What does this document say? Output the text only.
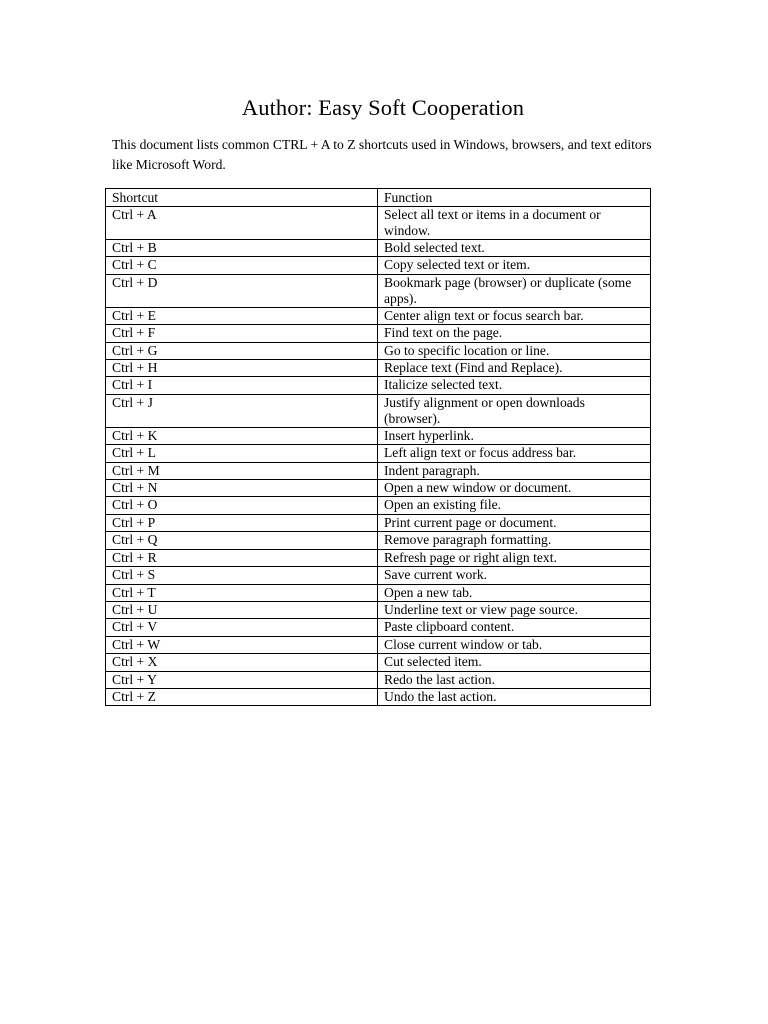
Author: Easy Soft Cooperation

This document lists common CTRL + A to Z shortcuts used in Windows, browsers, and text editors like Microsoft Word.

Shortcut	Function
Ctrl + A	Select all text or items in a document or window.
Ctrl + B	Bold selected text.
Ctrl + C	Copy selected text or item.
Ctrl + D	Bookmark page (browser) or duplicate (some apps).
Ctrl + E	Center align text or focus search bar.
Ctrl + F	Find text on the page.
Ctrl + G	Go to specific location or line.
Ctrl + H	Replace text (Find and Replace).
Ctrl + I	Italicize selected text.
Ctrl + J	Justify alignment or open downloads (browser).
Ctrl + K	Insert hyperlink.
Ctrl + L	Left align text or focus address bar.
Ctrl + M	Indent paragraph.
Ctrl + N	Open a new window or document.
Ctrl + O	Open an existing file.
Ctrl + P	Print current page or document.
Ctrl + Q	Remove paragraph formatting.
Ctrl + R	Refresh page or right align text.
Ctrl + S	Save current work.
Ctrl + T	Open a new tab.
Ctrl + U	Underline text or view page source.
Ctrl + V	Paste clipboard content.
Ctrl + W	Close current window or tab.
Ctrl + X	Cut selected item.
Ctrl + Y	Redo the last action.
Ctrl + Z	Undo the last action.
